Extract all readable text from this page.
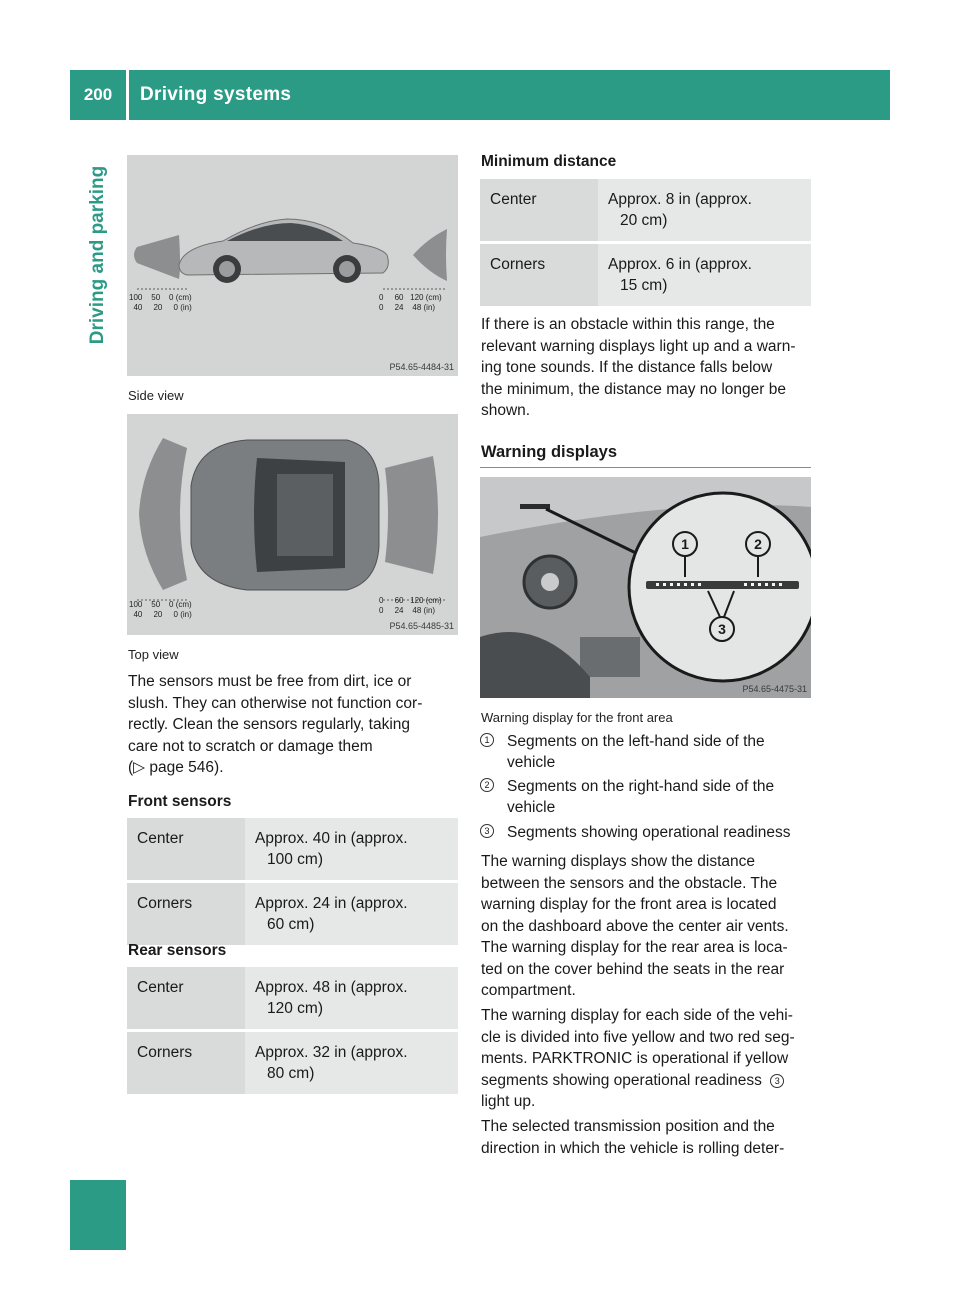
200	Driving systems
Driving and parking	100 50 0 (cm)
40 20 0 (in)
0 60 120 (cm)
0 24 48 (in)
P54.65-4484-31
Side view
100 50 0 (cm)
40 20 0 (in)
0 60 120 (cm)
0 24 48 (in)
P54.65-4485-31
Top view
The sensors must be free from dirt, ice or
slush. They can otherwise not function cor-
rectly. Clean the sensors regularly, taking
care not to scratch or damage them
(▷ page 546).
Front sensors
Center	Approx. 40 in (approx.
100 cm)

Corners	Approx. 24 in (approx.
60 cm)
Rear sensors
Center	Approx. 48 in (approx.
120 cm)

Corners	Approx. 32 in (approx.
80 cm)
Minimum distance
Center	Approx. 8 in (approx.
20 cm)

Corners	Approx. 6 in (approx.
15 cm)
If there is an obstacle within this range, the
relevant warning displays light up and a warn-
ing tone sounds. If the distance falls below
the minimum, the distance may no longer be
shown.
Warning displays
1	2
3
P54.65-4475-31
Warning display for the front area
1 Segments on the left-hand side of the
vehicle
2 Segments on the right-hand side of the
vehicle
3 Segments showing operational readiness
The warning displays show the distance
between the sensors and the obstacle. The
warning display for the front area is located
on the dashboard above the center air vents.
The warning display for the rear area is loca-
ted on the cover behind the seats in the rear
compartment.
The warning display for each side of the vehi-
cle is divided into five yellow and two red seg-
ments. PARKTRONIC is operational if yellow
segments showing operational readiness 3
light up.
The selected transmission position and the
direction in which the vehicle is rolling deter-
